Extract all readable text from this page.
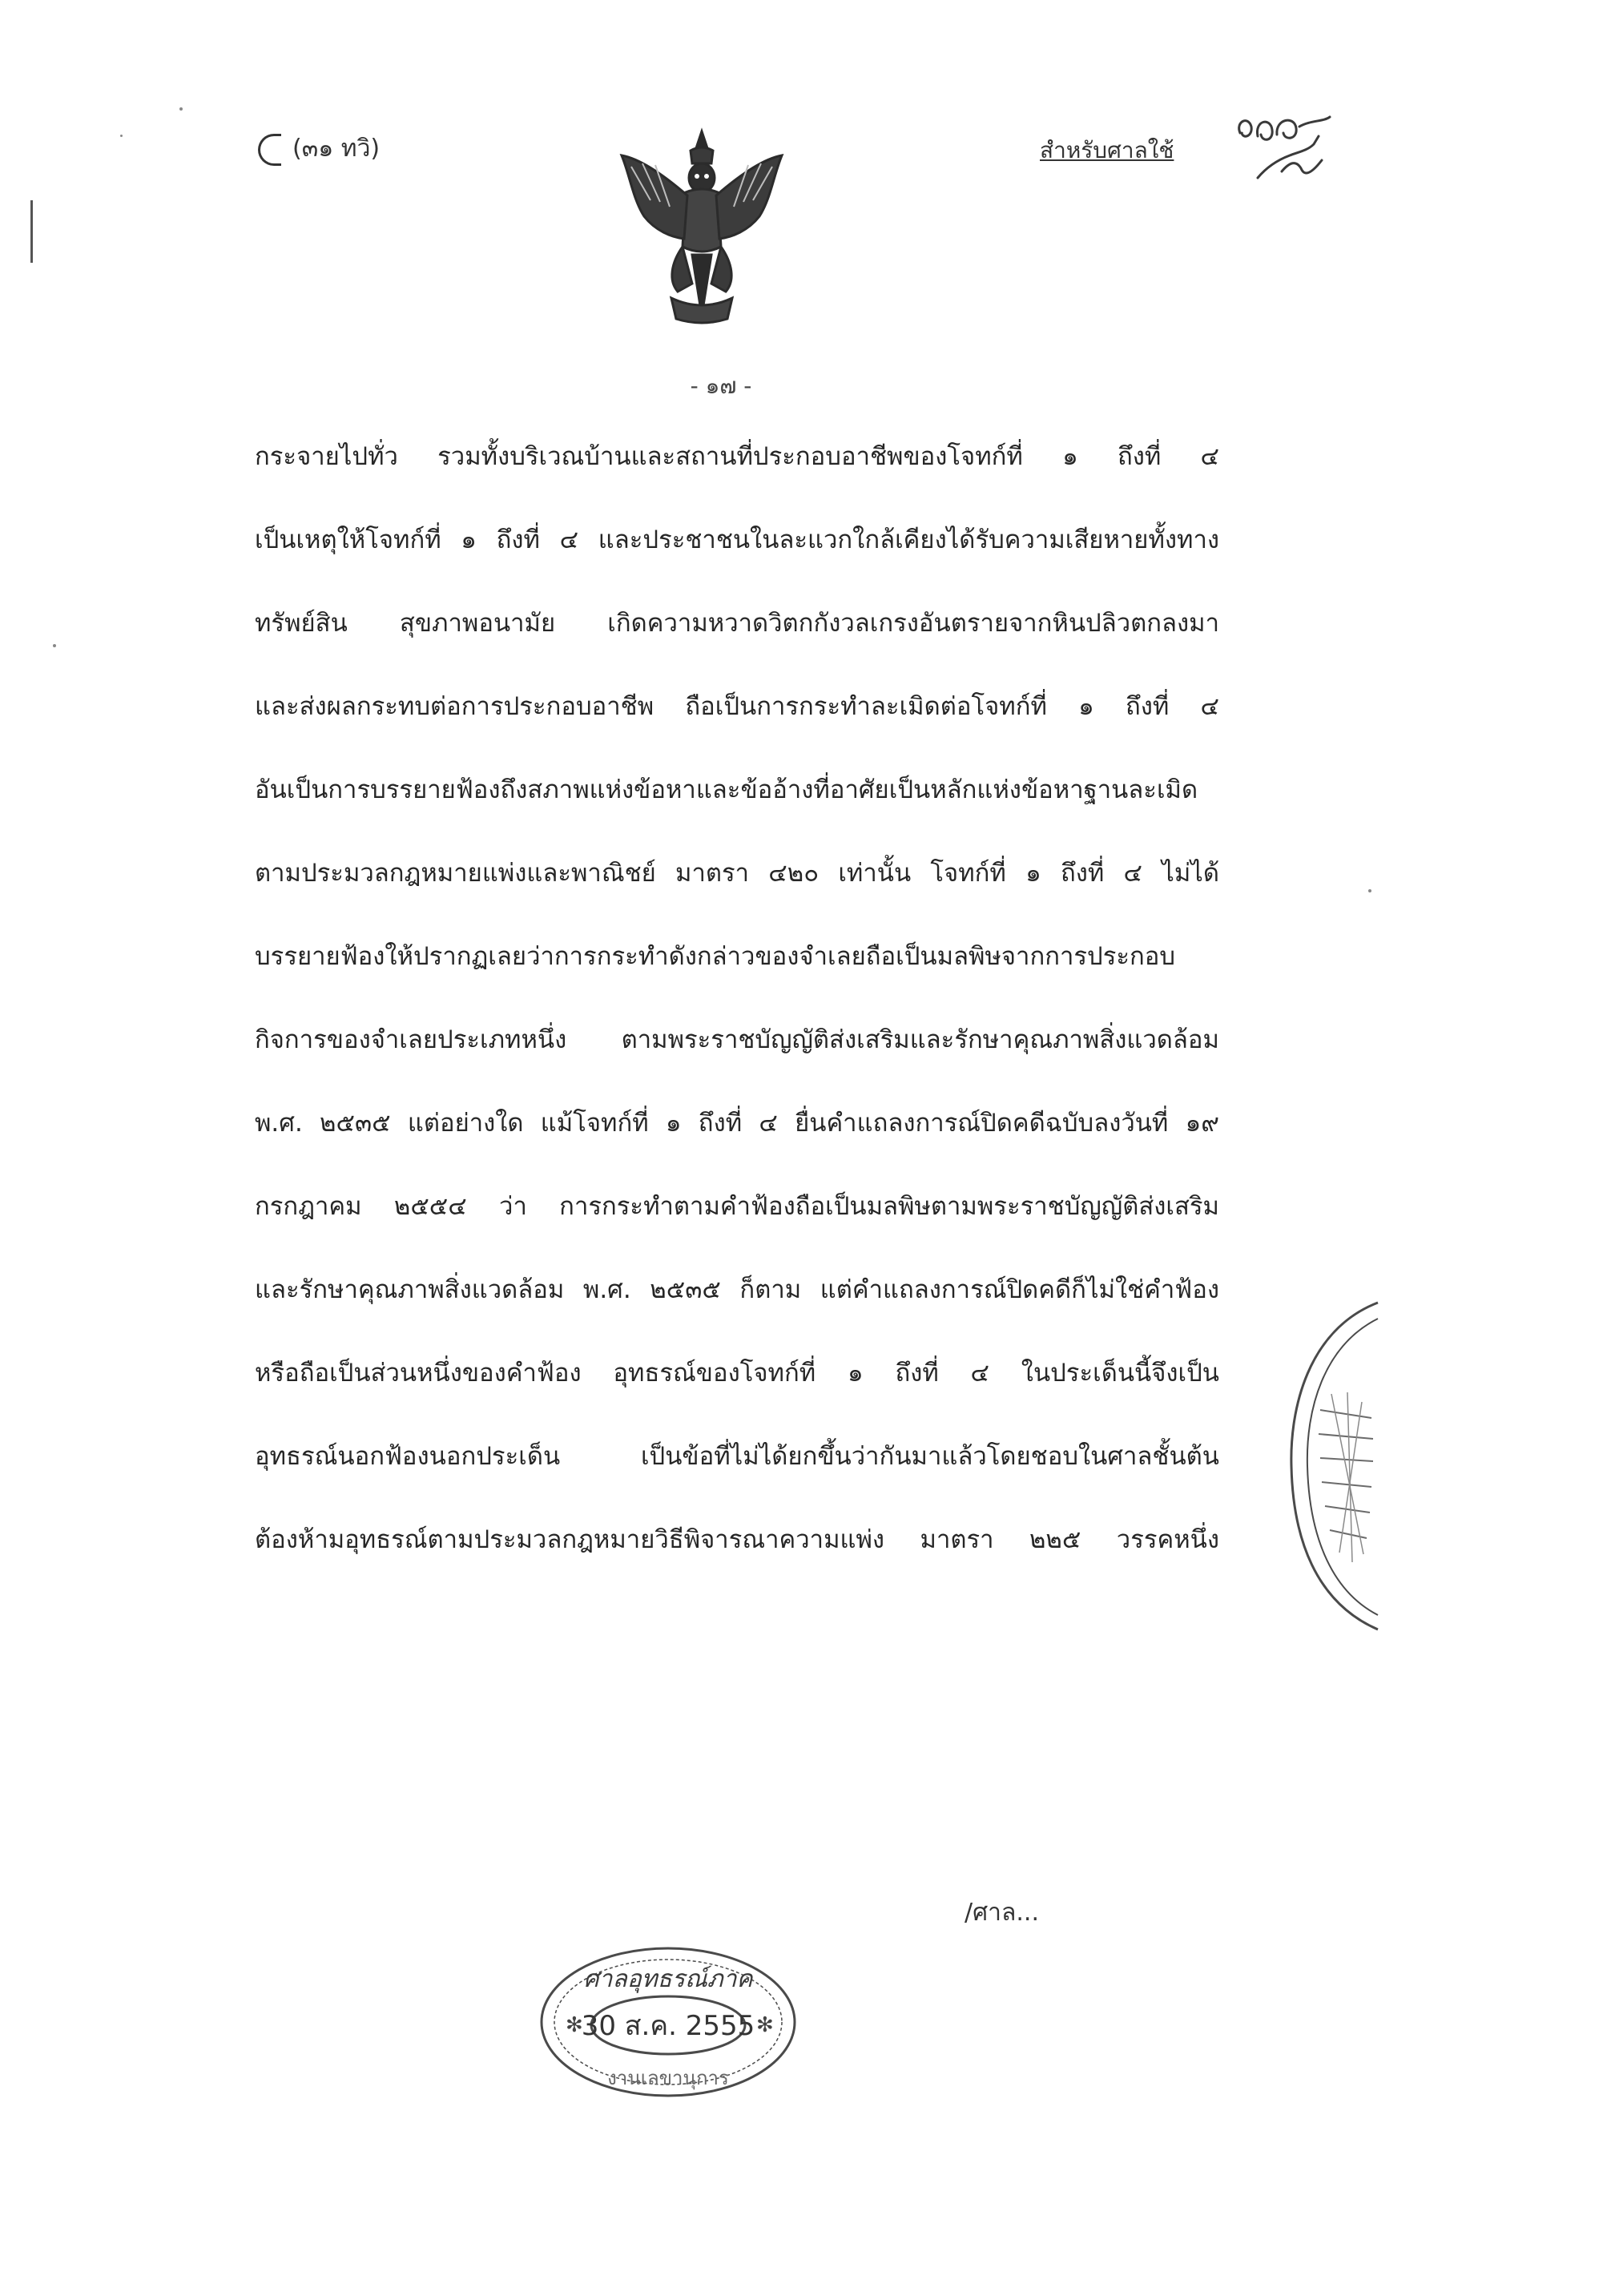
(๓๑ ทวิ)	สำหรับศาลใช้
๑๕๕
- ๑๗ -
กระจายไปทั่ว รวมทั้งบริเวณบ้านและสถานที่ประกอบอาชีพของโจทก์ที่ ๑ ถึงที่ ๔
เป็นเหตุให้โจทก์ที่ ๑ ถึงที่ ๔ และประชาชนในละแวกใกล้เคียงได้รับความเสียหายทั้งทาง
ทรัพย์สิน สุขภาพอนามัย เกิดความหวาดวิตกกังวลเกรงอันตรายจากหินปลิวตกลงมา
และส่งผลกระทบต่อการประกอบอาชีพ ถือเป็นการกระทำละเมิดต่อโจทก์ที่ ๑ ถึงที่ ๔
อันเป็นการบรรยายฟ้องถึงสภาพแห่งข้อหาและข้ออ้างที่อาศัยเป็นหลักแห่งข้อหาฐานละเมิด
ตามประมวลกฎหมายแพ่งและพาณิชย์ มาตรา ๔๒๐ เท่านั้น โจทก์ที่ ๑ ถึงที่ ๔ ไม่ได้
บรรยายฟ้องให้ปรากฏเลยว่าการกระทำดังกล่าวของจำเลยถือเป็นมลพิษจากการประกอบ
กิจการของจำเลยประเภทหนึ่ง ตามพระราชบัญญัติส่งเสริมและรักษาคุณภาพสิ่งแวดล้อม
พ.ศ. ๒๕๓๕ แต่อย่างใด แม้โจทก์ที่ ๑ ถึงที่ ๔ ยื่นคำแถลงการณ์ปิดคดีฉบับลงวันที่ ๑๙
กรกฎาคม ๒๕๕๔ ว่า การกระทำตามคำฟ้องถือเป็นมลพิษตามพระราชบัญญัติส่งเสริม
และรักษาคุณภาพสิ่งแวดล้อม พ.ศ. ๒๕๓๕ ก็ตาม แต่คำแถลงการณ์ปิดคดีก็ไม่ใช่คำฟ้อง
หรือถือเป็นส่วนหนึ่งของคำฟ้อง อุทธรณ์ของโจทก์ที่ ๑ ถึงที่ ๔ ในประเด็นนี้จึงเป็น
อุทธรณ์นอกฟ้องนอกประเด็น เป็นข้อที่ไม่ได้ยกขึ้นว่ากันมาแล้วโดยชอบในศาลชั้นต้น
ต้องห้ามอุทธรณ์ตามประมวลกฎหมายวิธีพิจารณาความแพ่ง มาตรา ๒๒๕ วรรคหนึ่ง
/ศาล...
ศาลอุทธรณ์ภาค
30 ส.ค. 2555
งานเลขานุการ
✻	✻
